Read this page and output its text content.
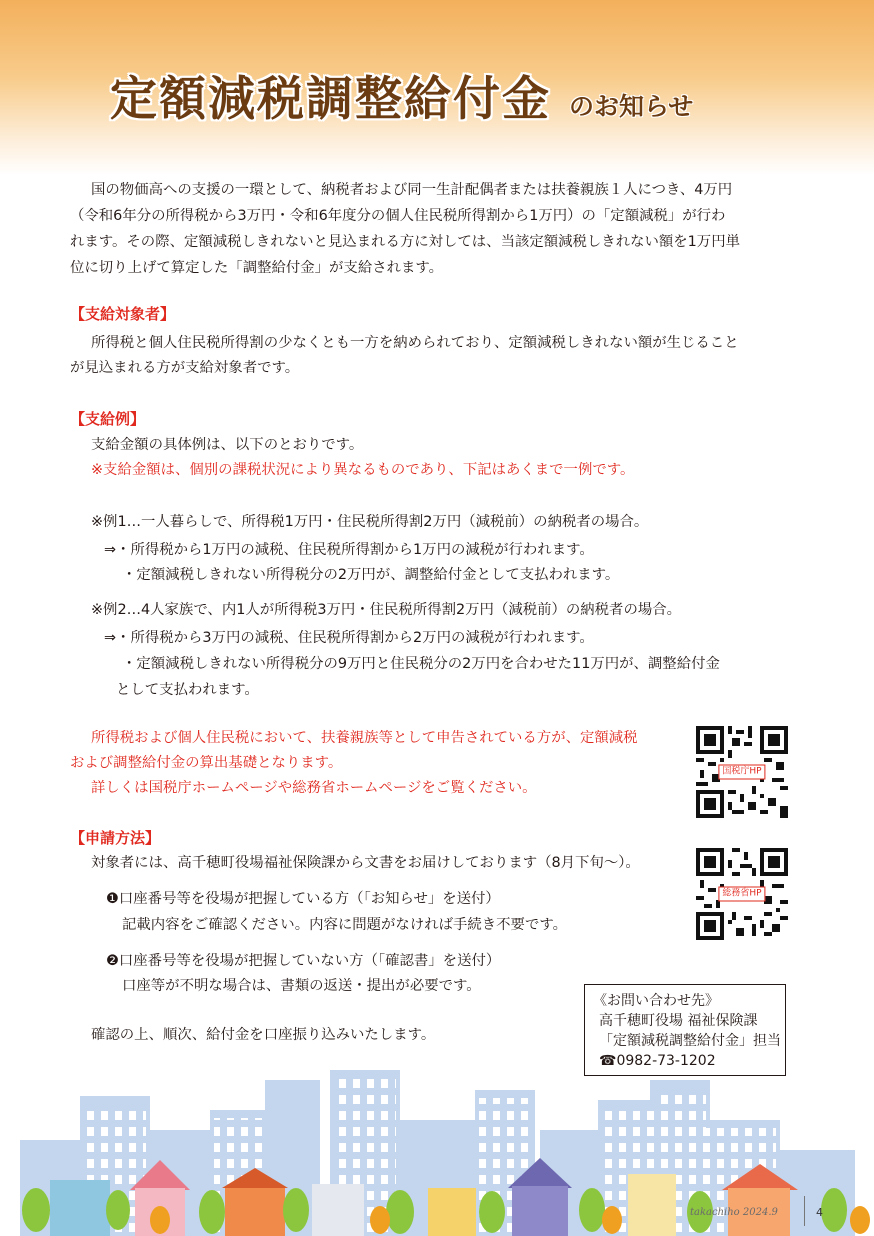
定額減税調整給付金 のお知らせ
国の物価高への支援の一環として、納税者および同一生計配偶者または扶養親族１人につき、4万円
（令和6年分の所得税から3万円・令和6年度分の個人住民税所得割から1万円）の「定額減税」が行わ
れます。その際、定額減税しきれないと見込まれる方に対しては、当該定額減税しきれない額を1万円単
位に切り上げて算定した「調整給付金」が支給されます。
【支給対象者】
所得税と個人住民税所得割の少なくとも一方を納められており、定額減税しきれない額が生じること
が見込まれる方が支給対象者です。
【支給例】
支給金額の具体例は、以下のとおりです。
※支給金額は、個別の課税状況により異なるものであり、下記はあくまで一例です。
※例1…一人暮らしで、所得税1万円・住民税所得割2万円（減税前）の納税者の場合。
⇒・所得税から1万円の減税、住民税所得割から1万円の減税が行われます。
・定額減税しきれない所得税分の2万円が、調整給付金として支払われます。
※例2…4人家族で、内1人が所得税3万円・住民税所得割2万円（減税前）の納税者の場合。
⇒・所得税から3万円の減税、住民税所得割から2万円の減税が行われます。
・定額減税しきれない所得税分の9万円と住民税分の2万円を合わせた11万円が、調整給付金
として支払われます。
所得税および個人住民税において、扶養親族等として申告されている方が、定額減税
および調整給付金の算出基礎となります。
詳しくは国税庁ホームページや総務省ホームページをご覧ください。
国税庁HP
総務省HP
【申請方法】
対象者には、高千穂町役場福祉保険課から文書をお届けしております（8月下旬〜）。
❶口座番号等を役場が把握している方（「お知らせ」を送付）
記載内容をご確認ください。内容に問題がなければ手続き不要です。
❷口座番号等を役場が把握していない方（「確認書」を送付）
口座等が不明な場合は、書類の返送・提出が必要です。
確認の上、順次、給付金を口座振り込みいたします。
《お問い合わせ先》
高千穂町役場 福祉保険課
「定額減税調整給付金」担当
☎0982-73-1202
takachiho 2024.9	4
